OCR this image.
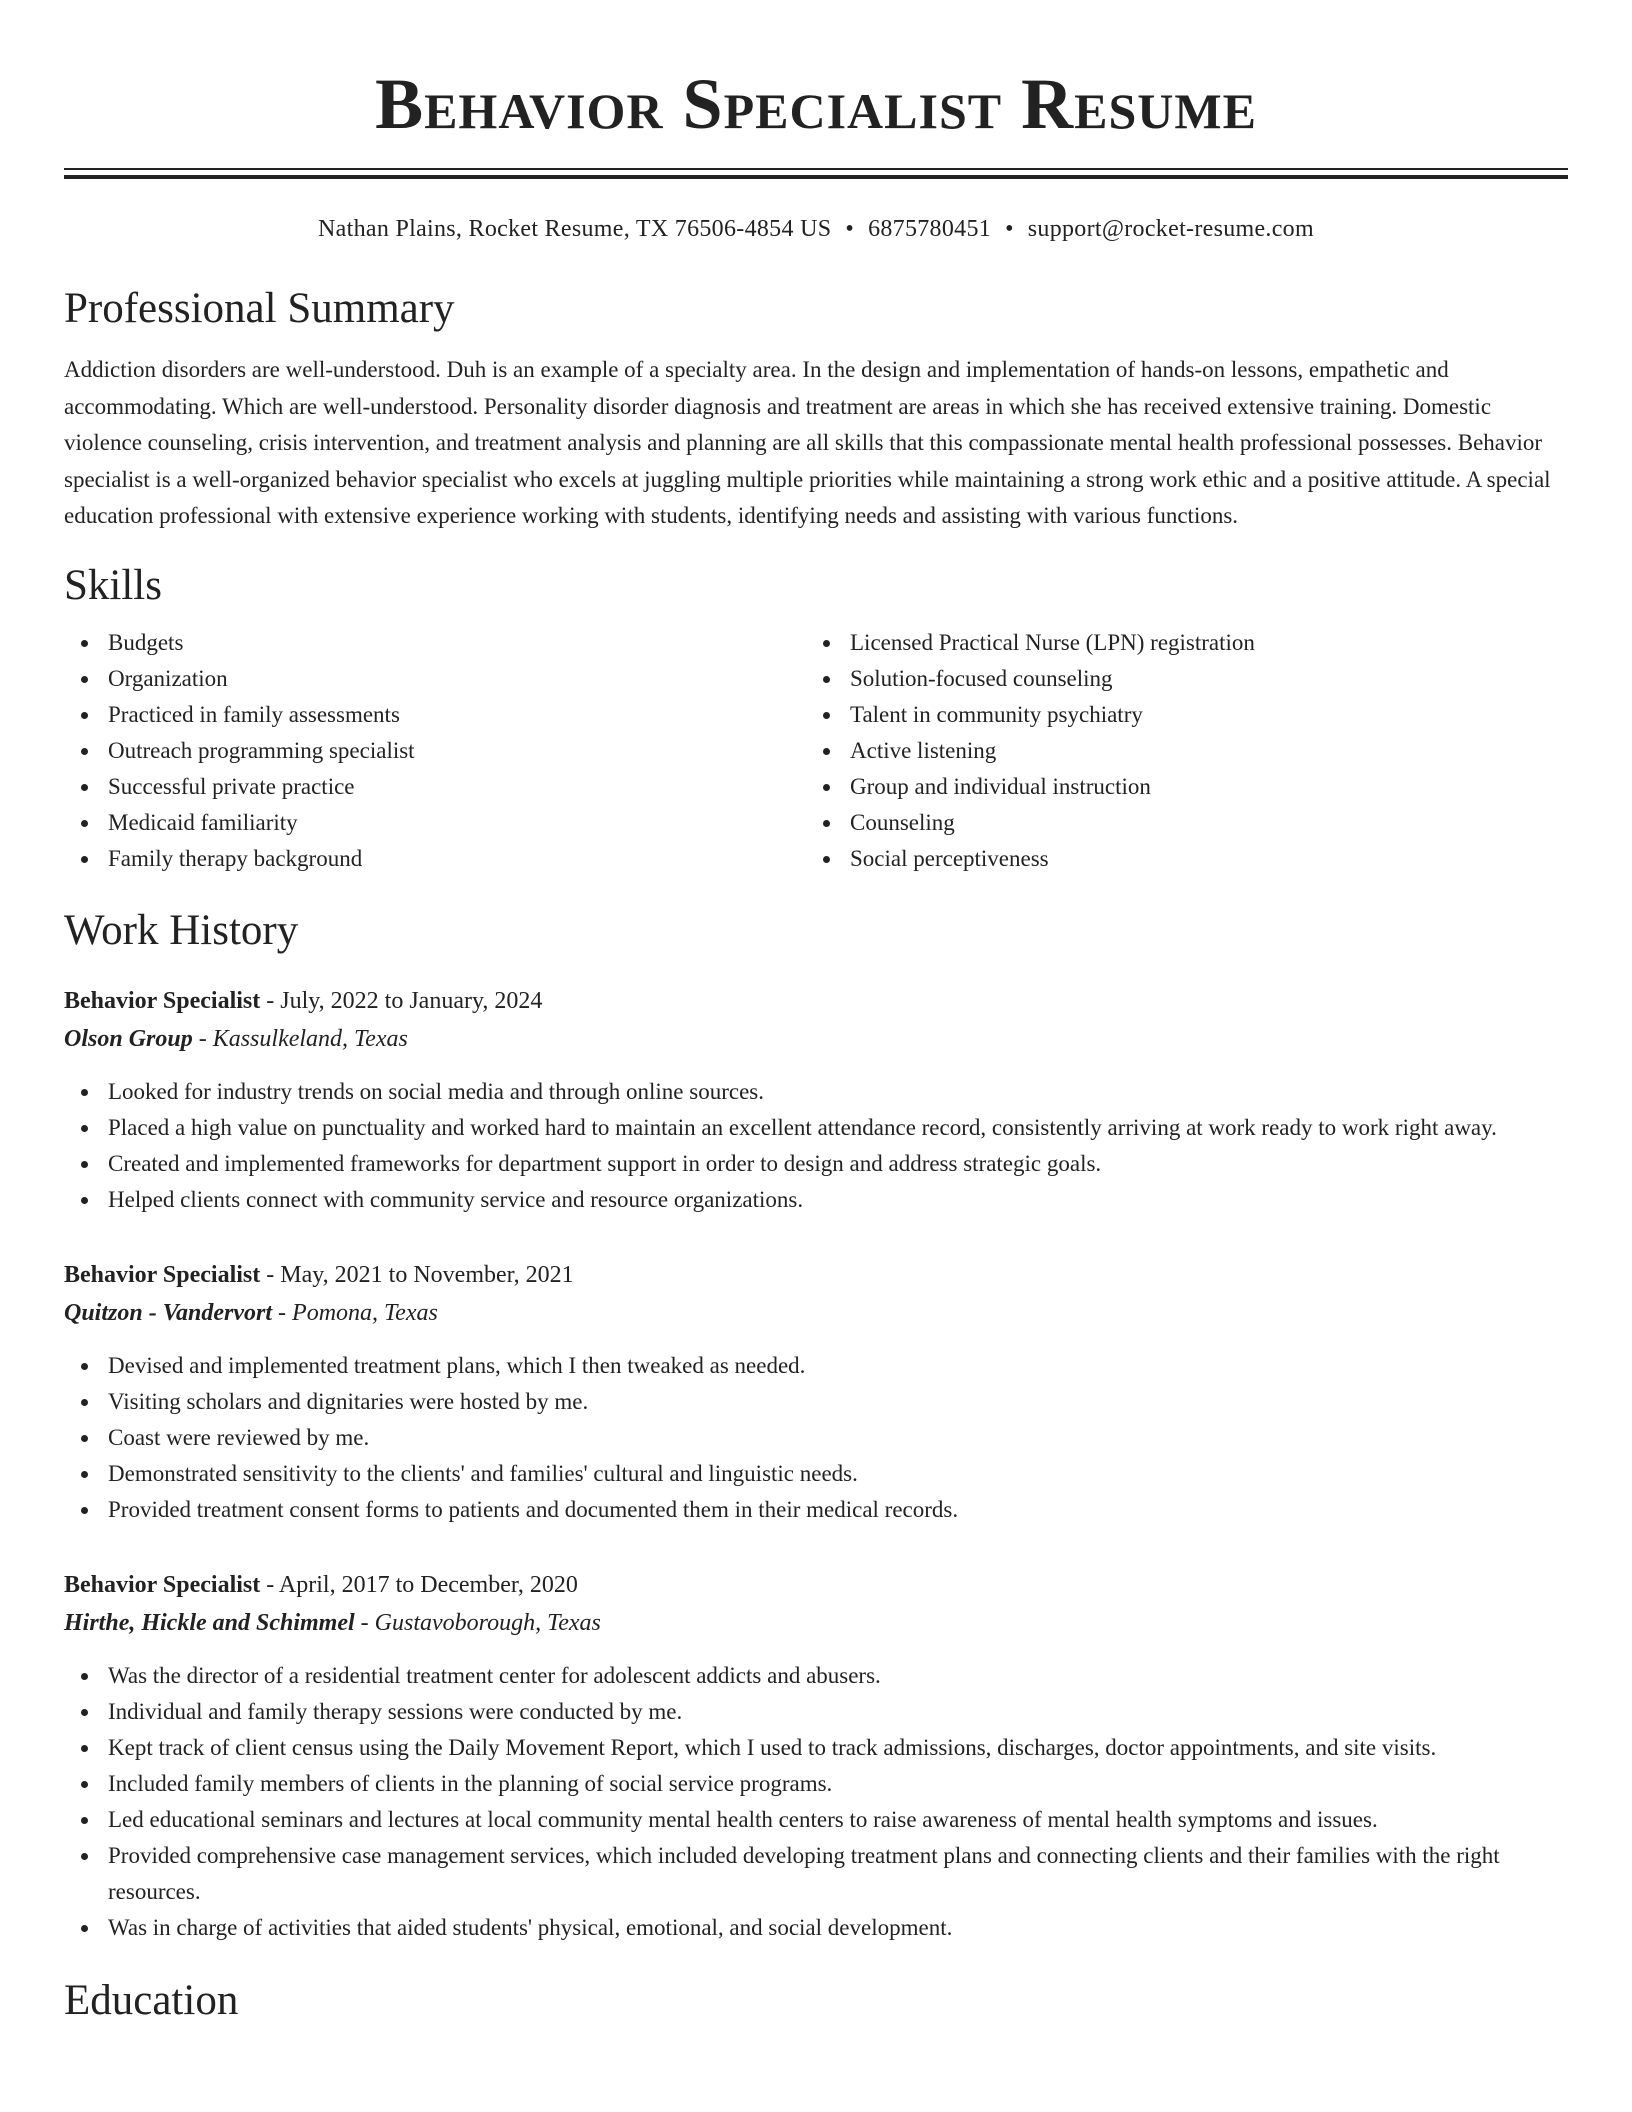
Behavior Specialist Resume
Nathan Plains, Rocket Resume, TX 76506-4854 US • 6875780451 • support@rocket-resume.com
Professional Summary

Addiction disorders are well-understood. Duh is an example of a specialty area. In the design and implementation of hands-on lessons, empathetic and accommodating. Which are well-understood. Personality disorder diagnosis and treatment are areas in which she has received extensive training. Domestic violence counseling, crisis intervention, and treatment analysis and planning are all skills that this compassionate mental health professional possesses. Behavior specialist is a well-organized behavior specialist who excels at juggling multiple priorities while maintaining a strong work ethic and a positive attitude. A special education professional with extensive experience working with students, identifying needs and assisting with various functions.

Skills
Budgets
Organization
Practiced in family assessments
Outreach programming specialist
Successful private practice
Medicaid familiarity
Family therapy background
Licensed Practical Nurse (LPN) registration
Solution-focused counseling
Talent in community psychiatry
Active listening
Group and individual instruction
Counseling
Social perceptiveness
Work History
Behavior Specialist - July, 2022 to January, 2024
Olson Group - Kassulkeland, Texas
Looked for industry trends on social media and through online sources.
Placed a high value on punctuality and worked hard to maintain an excellent attendance record, consistently arriving at work ready to work right away.
Created and implemented frameworks for department support in order to design and address strategic goals.
Helped clients connect with community service and resource organizations.
Behavior Specialist - May, 2021 to November, 2021
Quitzon - Vandervort - Pomona, Texas
Devised and implemented treatment plans, which I then tweaked as needed.
Visiting scholars and dignitaries were hosted by me.
Coast were reviewed by me.
Demonstrated sensitivity to the clients' and families' cultural and linguistic needs.
Provided treatment consent forms to patients and documented them in their medical records.
Behavior Specialist - April, 2017 to December, 2020
Hirthe, Hickle and Schimmel - Gustavoborough, Texas
Was the director of a residential treatment center for adolescent addicts and abusers.
Individual and family therapy sessions were conducted by me.
Kept track of client census using the Daily Movement Report, which I used to track admissions, discharges, doctor appointments, and site visits.
Included family members of clients in the planning of social service programs.
Led educational seminars and lectures at local community mental health centers to raise awareness of mental health symptoms and issues.
Provided comprehensive case management services, which included developing treatment plans and connecting clients and their families with the right resources.
Was in charge of activities that aided students' physical, emotional, and social development.
Education
